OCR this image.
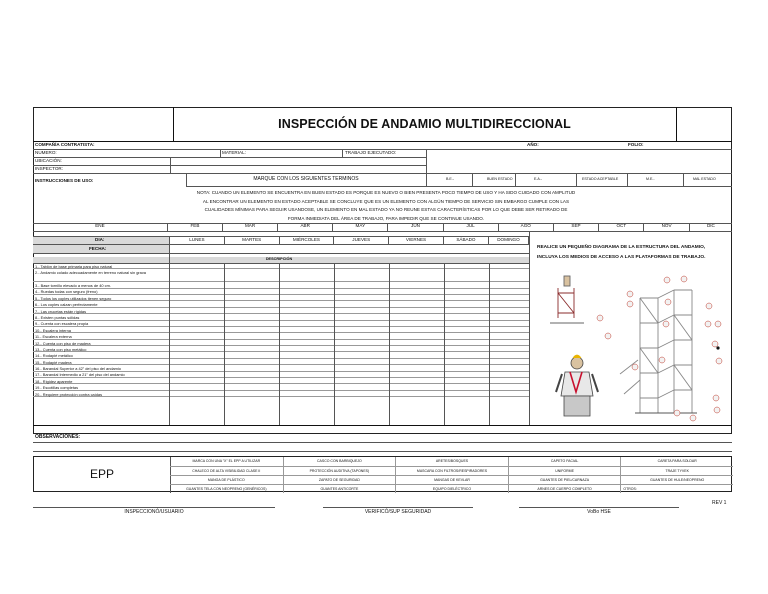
INSPECCIÓN DE ANDAMIO MULTIDIRECCIONAL
COMPAÑÍA CONTRATISTA:	AÑO:	FOLIO:
NUMERO:	MATERIAL:	TRABAJO EJECUTADO:
UBICACIÓN:
INSPECTOR:
INSTRUCCIONES DE USO:	MARQUE CON LOS SIGUIENTES TERMINOS	B.E.-	BUEN ESTADO	E.A.-	ESTADO ACEPTABLE	M.E.-	MAL ESTADO
NOTA: CUANDO UN ELEMENTO SE ENCUENTRA EN BUEN ESTADO ES PORQUE ES NUEVO O BIEN PRESENTA POCO TIEMPO DE USO Y HA SIDO CUIDADO CON AMPLITUD
AL ENCONTRAR UN ELEMENTO EN ESTADO ACEPTABLE SE CONCLUYE QUE ES UN ELEMENTO CON ALGÚN TIEMPO DE SERVICIO SIN EMBARGO CUMPLE CON LAS
CUALIDADES MÍNIMAS PARA SEGUIR USANDOSE, UN ELEMENTO EN MAL ESTADO YA NO REUNE ESTAS CARACTERÍSTICAS POR LO QUE DEBE SER RETIRADO DE
FORMA INMEDIATA DEL ÁREA DE TRABAJO, PARA IMPEDIR QUE SE CONTINUE USANDO.
ENE	FEB	MAR	ABR	MAY	JUN	JUL	AGO	SEP	OCT	NOV	DIC
DIA:
FECHA:
LUNES	MARTES	MIÉRCOLES	JUEVES	VIERNES	SÁBADO	DOMINGO
DESCRIPCIÓN
1.- Tablón de base primaria para piso natural
2.- Andamio colado adecuadamente en terreno natural sin grava
3.- Base tornillo elevado a menos de 40 cm.
4.- Ruedas todas con seguro (freno)
5.- Todos los coples utilizados tienen seguro
6.- Los coples calzan perfectamente
7.- Las crucetas están rígidas
8.- Existen puntas sólidas
9.- Cuenta con escalera propia
10.- Escalera interna
11.- Escalera externa
12.- Cuenta con piso de madera
13.- Cuenta con piso metálico
14.- Rodapié metálico
15.- Rodapié madera
16.- Barandal Superior a 42" del piso del andamio
17.- Barandal Intermedio a 21" del piso del andamio
18.- Rígidez aparente
19.- Escotillas completas
20.- Requiere protección contra caídas
REALICE UN PEQUEÑO DIAGRAMA DE LA ESTRUCTURA DEL ANDAMIO,
INCLUYA LOS MEDIOS DE ACCESO A LAS PLATAFORMAS DE TRABAJO.
OBSERVACIONES:
EPP
MARCA CON UNA "X" EL EPP A UTILIZAR	CASCO CON BARBIQUEJO	ARETES/BOSQUES	CAPETO FACIAL	CARETA PARA SOLDAR
CHALECO DE ALTA VISIBILIDAD CLASE II	PROTECCIÓN AUDITIVA (TAPONES)	MASCARA CON FILTROS/RESPIRADORES	UNIFORME	TRAJE TYVEK
MANGA DE PLÁSTICO	ZAPATO DE SEGURIDAD	MANGAS DE KEVLAR	GUANTES DE PIEL/CARNAZA	GUANTES DE HULE/NEOPRENO
GUANTES TELA CON NEOPRENO (GENÉRICOS)	GUANTES ANTICORTE	EQUIPO DIELÉCTRICO	ARNES DE CUERPO COMPLETO	OTROS:
INSPECCIONÓ/USUARIO	VERIFICÓ/SUP SEGURIDAD	VoBo HSE
REV 1
